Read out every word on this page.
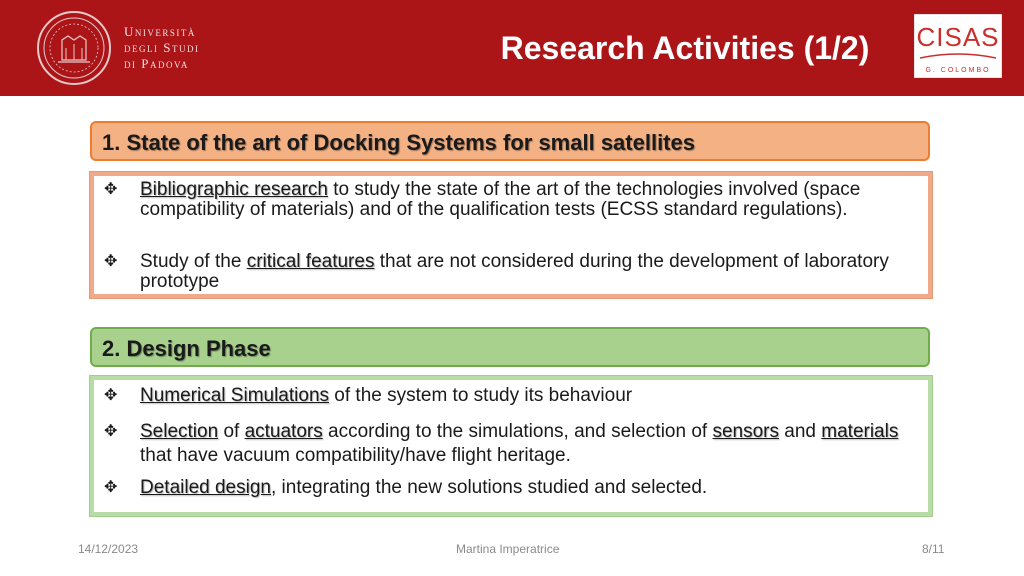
Università
degli Studi
di Padova	Research Activities (1/2)	CISAS
G. COLOMBO
1. State of the art of Docking Systems for small satellites
✥	Bibliographic research to study the state of the art of the technologies involved (space compatibility of materials) and of the qualification tests (ECSS standard regulations).
✥	Study of the critical features that are not considered during the development of laboratory prototype
2. Design Phase
✥	Numerical Simulations of the system to study its behaviour
✥	Selection of actuators according to the simulations, and selection of sensors and materials that have vacuum compatibility/have flight heritage.
✥	Detailed design, integrating the new solutions studied and selected.
14/12/2023	Martina Imperatrice	8/11
